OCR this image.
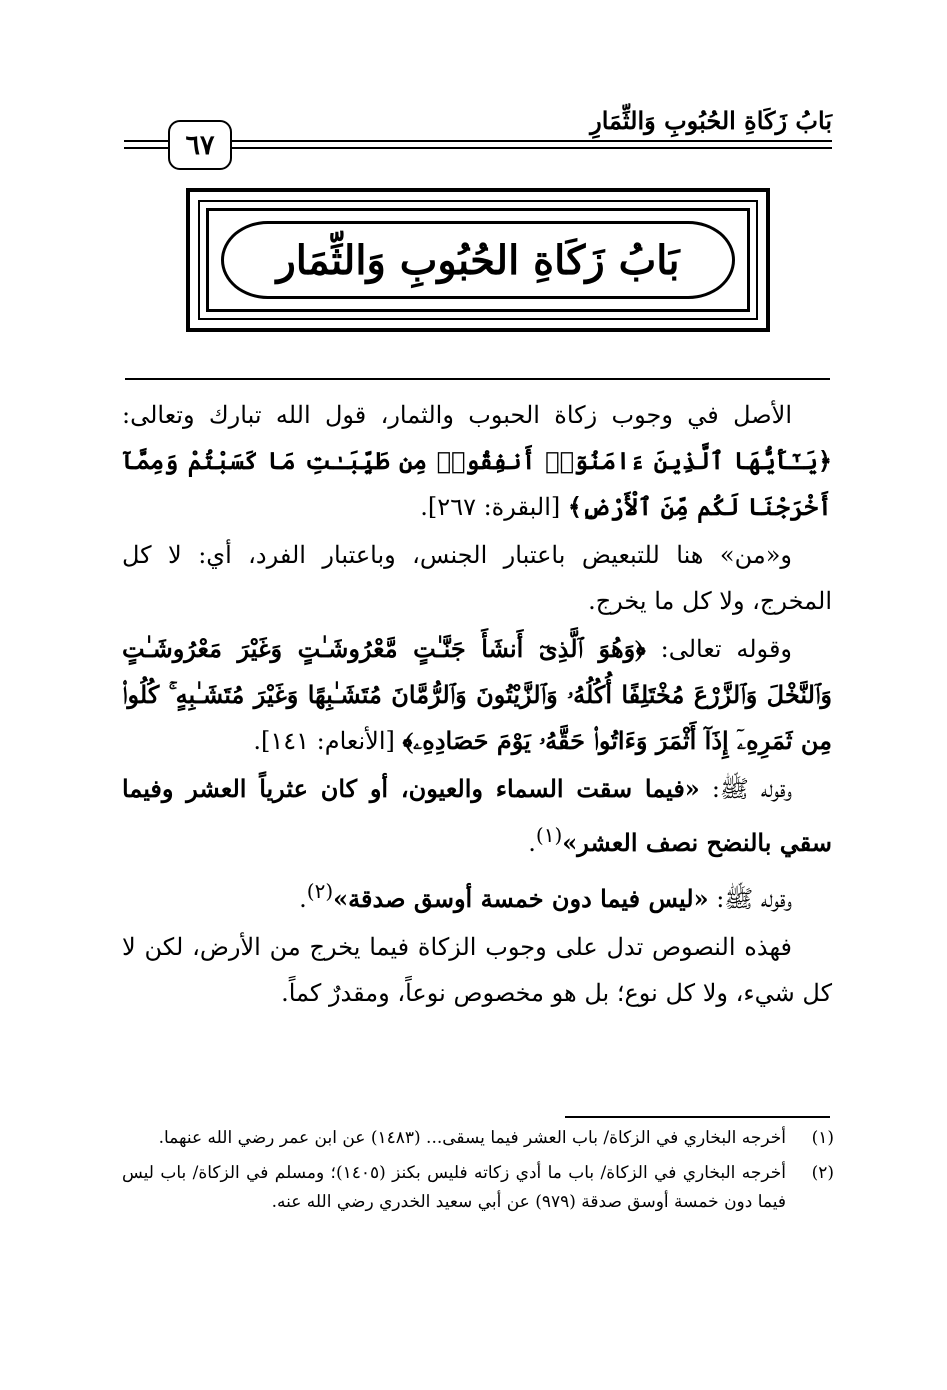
بَابُ زَكَاةِ الحُبُوبِ وَالثِّمَارِ
٦٧
بَابُ زَكَاةِ الحُبُوبِ وَالثِّمَار

الأصل في وجوب زكاة الحبوب والثمار، قول الله تبارك وتعالى: ﴿يَـٰٓأَيُّهَا ٱلَّذِينَ ءَامَنُوٓا۟ أَنفِقُوا۟ مِن طَيِّبَـٰتِ مَا كَسَبْتُمْ وَمِمَّآ أَخْرَجْنَا لَكُم مِّنَ ٱلْأَرْضِ﴾ [البقرة: ٢٦٧].

و«من» هنا للتبعيض باعتبار الجنس، وباعتبار الفرد، أي: لا كل المخرج، ولا كل ما يخرج.

وقوله تعالى: ﴿وَهُوَ ٱلَّذِىٓ أَنشَأَ جَنَّـٰتٍ مَّعْرُوشَـٰتٍ وَغَيْرَ مَعْرُوشَـٰتٍ وَٱلنَّخْلَ وَٱلزَّرْعَ مُخْتَلِفًا أُكُلُهُۥ وَٱلزَّيْتُونَ وَٱلرُّمَّانَ مُتَشَـٰبِهًا وَغَيْرَ مُتَشَـٰبِهٍ ۚ كُلُوا۟ مِن ثَمَرِهِۦٓ إِذَآ أَثْمَرَ وَءَاتُوا۟ حَقَّهُۥ يَوْمَ حَصَادِهِۦ﴾ [الأنعام: ١٤١].

وقوله ﷺ: «فيما سقت السماء والعيون، أو كان عثرياً العشر وفيما سقي بالنضح نصف العشر»$^{(١)}$.

وقوله ﷺ: «ليس فيما دون خمسة أوسق صدقة»$^{(٢)}$.

فهذه النصوص تدل على وجوب الزكاة فيما يخرج من الأرض، لكن لا كل شيء، ولا كل نوع؛ بل هو مخصوص نوعاً، ومقدرٌ كماً.

(١)
أخرجه البخاري في الزكاة/ باب العشر فيما يسقى... (١٤٨٣) عن ابن عمر رضي الله عنهما.
(٢)
أخرجه البخاري في الزكاة/ باب ما أدي زكاته فليس بكنز (١٤٠٥)؛ ومسلم في الزكاة/ باب ليس فيما دون خمسة أوسق صدقة (٩٧٩) عن أبي سعيد الخدري رضي الله عنه.
